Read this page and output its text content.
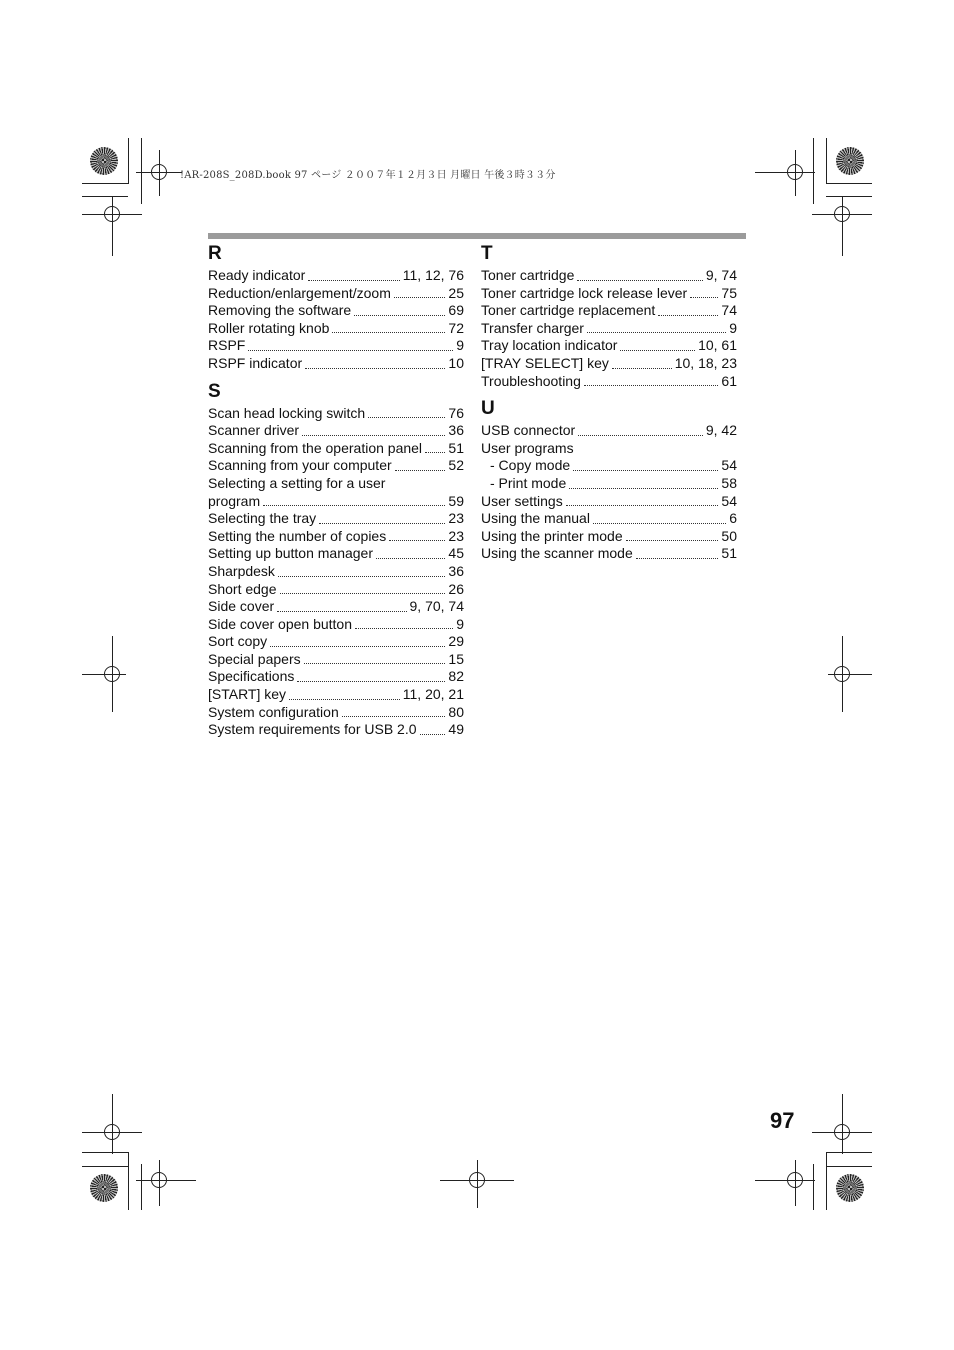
!AR-208S_208D.book 97 ページ ２００７年１２月３日 月曜日 午後３時３３分
R
Ready indicator	11, 12, 76
Reduction/enlargement/zoom	25
Removing the software	69
Roller rotating knob	72
RSPF	9
RSPF indicator	10
S
Scan head locking switch	76
Scanner driver	36
Scanning from the operation panel 51
Scanning from your computer	52
Selecting a setting for a user
program	59
Selecting the tray	23
Setting the number of copies	23
Setting up button manager	45
Sharpdesk	36
Short edge	26
Side cover	9, 70, 74
Side cover open button	9
Sort copy	29
Special papers	15
Specifications	82
[START] key	11, 20, 21
System configuration	80
System requirements for USB 2.0 49
T
Toner cartridge	9, 74
Toner cartridge lock release lever 75
Toner cartridge replacement	74
Transfer charger	9
Tray location indicator	10, 61
[TRAY SELECT] key	10, 18, 23
Troubleshooting	61
U
USB connector	9, 42
User programs
- Copy mode	54
- Print mode	58
User settings	54
Using the manual	6
Using the printer mode	50
Using the scanner mode	51
97
